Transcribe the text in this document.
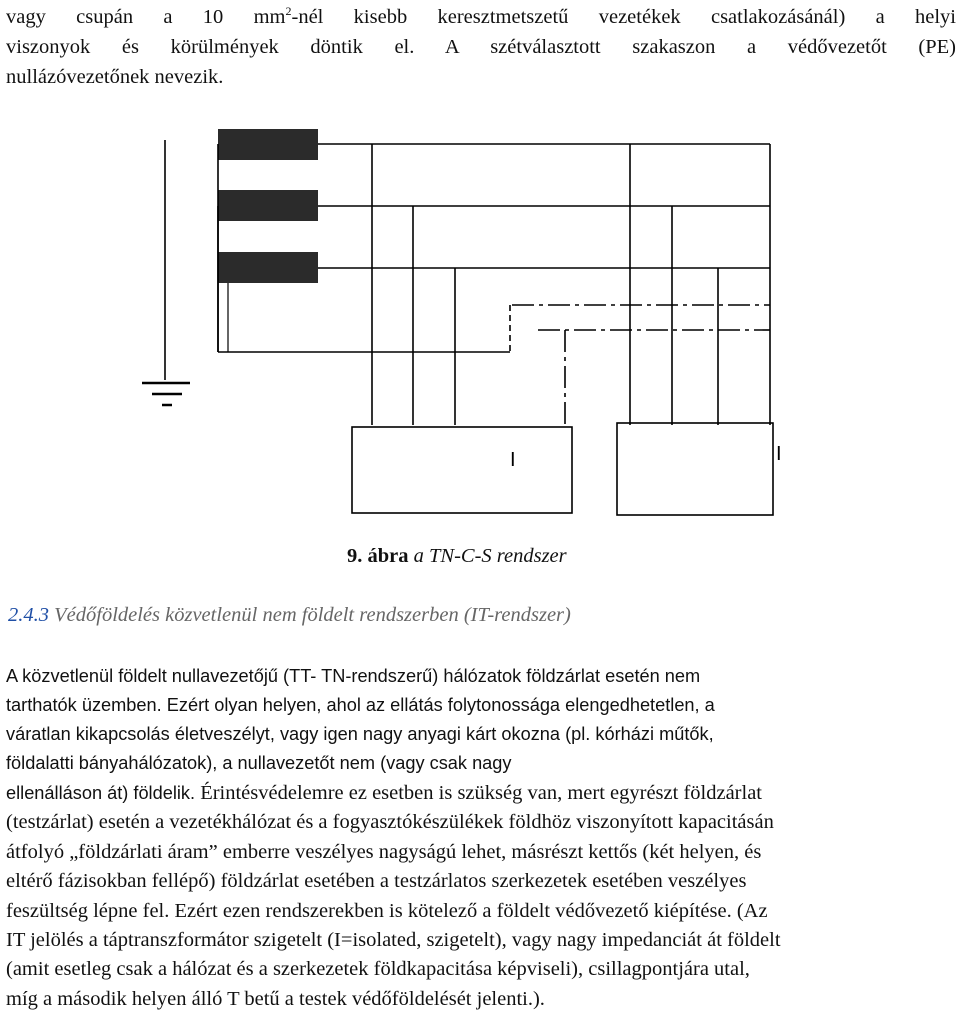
vagy csupán a 10 $mm^2$-nél kisebb keresztmetszetű vezetékek csatlakozásánál) a helyi
viszonyok és körülmények döntik el. A szétválasztott szakaszon a védővezetőt (PE)
nullázóvezetőnek nevezik.
I	I
9. ábra a TN-C-S rendszer
2.4.3 Védőföldelés közvetlenül nem földelt rendszerben (IT-rendszer)
A közvetlenül földelt nullavezetőjű (TT- TN-rendszerű) hálózatok földzárlat esetén nem
tarthatók üzemben. Ezért olyan helyen, ahol az ellátás folytonossága elengedhetetlen, a
váratlan kikapcsolás életveszélyt, vagy igen nagy anyagi kárt okozna (pl. kórházi műtők,
földalatti bányahálózatok), a nullavezetőt nem (vagy csak nagy
ellenálláson át) földelik. Érintésvédelemre ez esetben is szükség van, mert egyrészt földzárlat
(testzárlat) esetén a vezetékhálózat és a fogyasztókészülékek földhöz viszonyított kapacitásán
átfolyó „földzárlati áram” emberre veszélyes nagyságú lehet, másrészt kettős (két helyen, és
eltérő fázisokban fellépő) földzárlat esetében a testzárlatos szerkezetek esetében veszélyes
feszültség lépne fel. Ezért ezen rendszerekben is kötelező a földelt védővezető kiépítése. (Az
IT jelölés a táptranszformátor szigetelt (I=isolated, szigetelt), vagy nagy impedanciát át földelt
(amit esetleg csak a hálózat és a szerkezetek földkapacitása képviseli), csillagpontjára utal,
míg a második helyen álló T betű a testek védőföldelését jelenti.).
